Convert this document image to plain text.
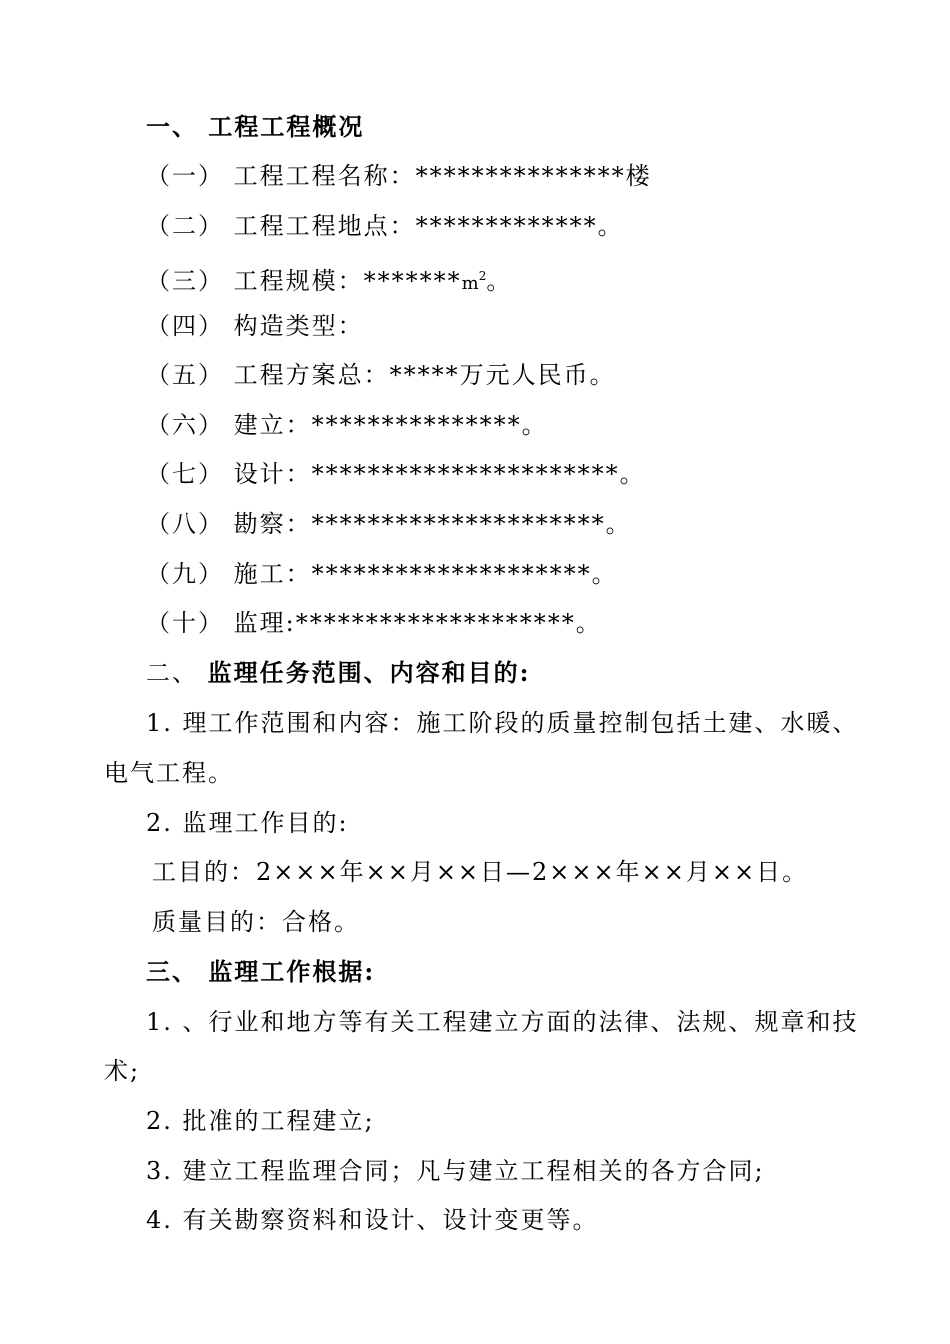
一、 工程工程概况
（一） 工程工程名称：***************楼
（二） 工程工程地点：*************。
（三） 工程规模：$*******m^2$。
（四） 构造类型：
（五） 工程方案总：*****万元人民币。
（六） 建立：***************。
（七） 设计：**********************。
（八） 勘察：*********************。
（九） 施工：********************。
（十） 监理:********************。
二、 监理任务范围、内容和目的:
1. 理工作范围和内容：施工阶段的质量控制包括土建、水暖、
电气工程。
2. 监理工作目的:
工目的：2×××年××月××日—2×××年××月××日。
质量目的：合格。
三、 监理工作根据:
1. 、行业和地方等有关工程建立方面的法律、法规、规章和技
术;
2. 批准的工程建立;
3. 建立工程监理合同；凡与建立工程相关的各方合同;
4. 有关勘察资料和设计、设计变更等。
